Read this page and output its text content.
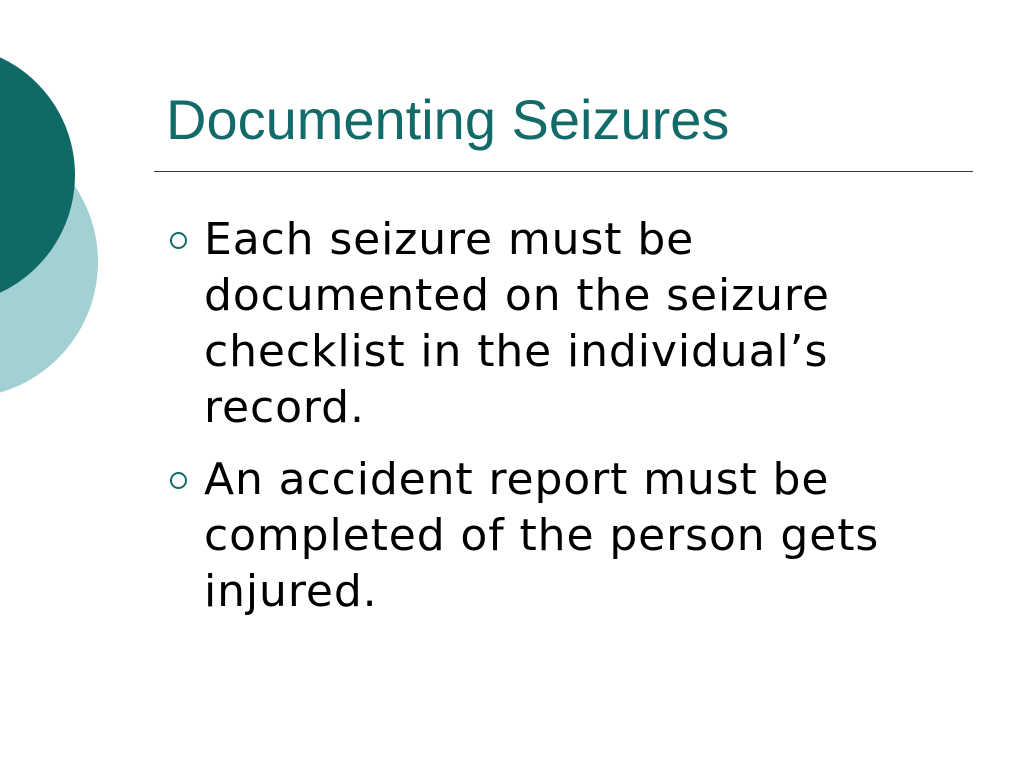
Documenting Seizures
Each seizure must be documented on the seizure checklist in the individual’s record.
An accident report must be completed of the person gets injured.
